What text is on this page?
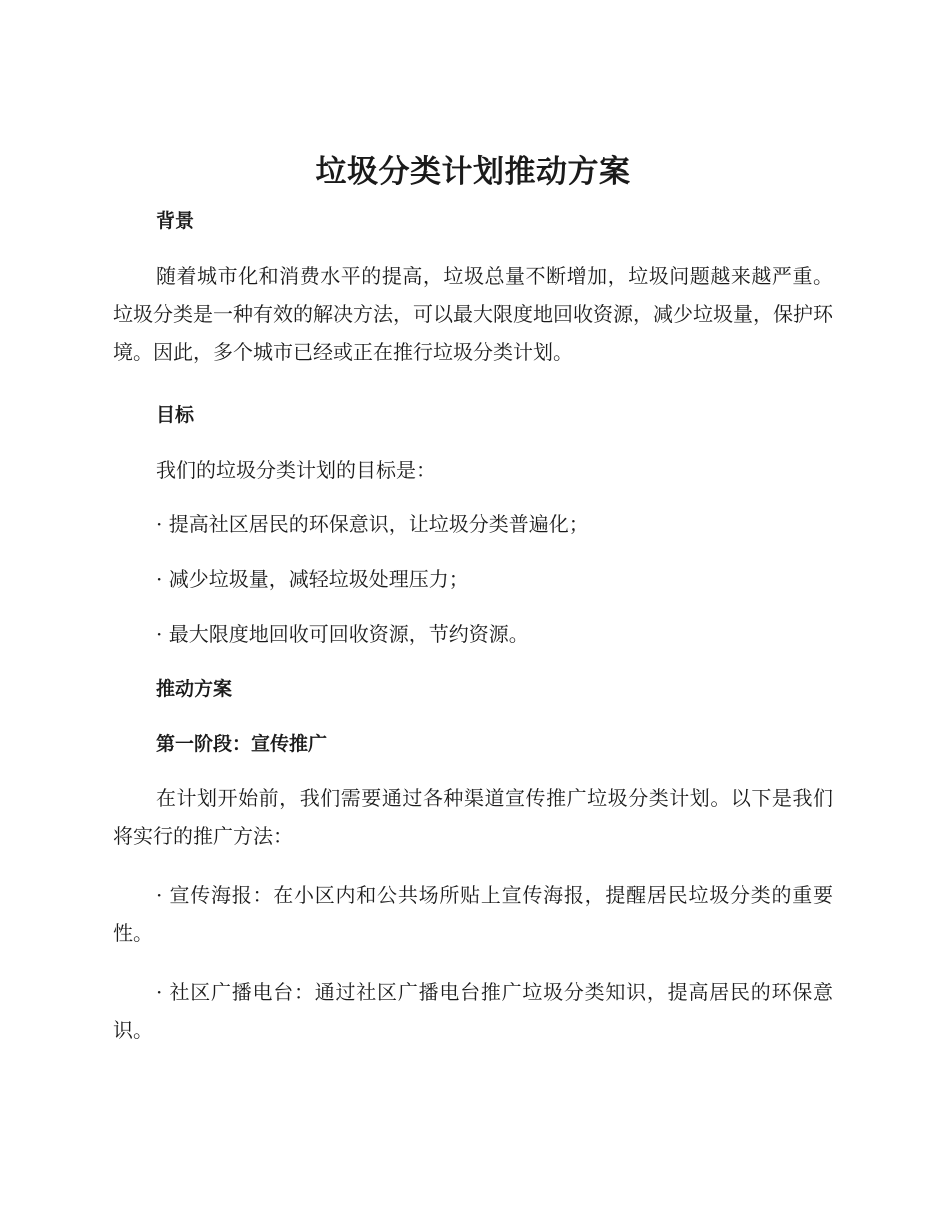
垃圾分类计划推动方案

背景

随着城市化和消费水平的提高，垃圾总量不断增加，垃圾问题越来越严重。垃圾分类是一种有效的解决方法，可以最大限度地回收资源，减少垃圾量，保护环境。因此，多个城市已经或正在推行垃圾分类计划。

目标

我们的垃圾分类计划的目标是：

· 提高社区居民的环保意识，让垃圾分类普遍化；

· 减少垃圾量，减轻垃圾处理压力；

· 最大限度地回收可回收资源，节约资源。

推动方案

第一阶段：宣传推广

在计划开始前，我们需要通过各种渠道宣传推广垃圾分类计划。以下是我们将实行的推广方法：

· 宣传海报：在小区内和公共场所贴上宣传海报，提醒居民垃圾分类的重要性。

· 社区广播电台：通过社区广播电台推广垃圾分类知识，提高居民的环保意识。
